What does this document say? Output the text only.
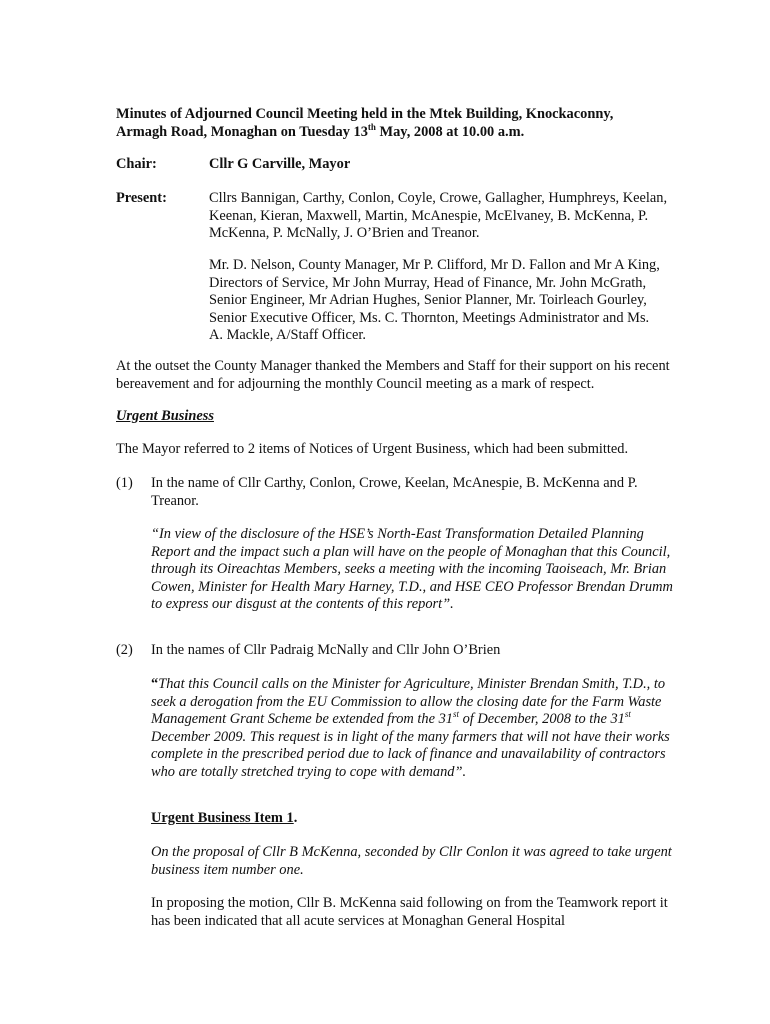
Minutes of Adjourned Council Meeting held in the Mtek Building, Knockaconny,
Armagh Road, Monaghan on Tuesday 13th May, 2008 at 10.00 a.m.

Chair:	Cllr G Carville, Mayor

Present:	Cllrs Bannigan, Carthy, Conlon, Coyle, Crowe, Gallagher, Humphreys, Keelan, Keenan, Kieran, Maxwell, Martin, McAnespie, McElvaney, B. McKenna, P. McKenna, P. McNally, J. O’Brien and Treanor.

Mr. D. Nelson, County Manager, Mr P. Clifford, Mr D. Fallon and Mr A King, Directors of Service, Mr John Murray, Head of Finance, Mr. John McGrath, Senior Engineer, Mr Adrian Hughes, Senior Planner, Mr. Toirleach Gourley, Senior Executive Officer, Ms. C. Thornton, Meetings Administrator and Ms. A. Mackle, A/Staff Officer.

At the outset the County Manager thanked the Members and Staff for their support on his recent bereavement and for adjourning the monthly Council meeting as a mark of respect.

Urgent Business

The Mayor referred to 2 items of Notices of Urgent Business, which had been submitted.

(1) In the name of Cllr Carthy, Conlon, Crowe, Keelan, McAnespie, B. McKenna and P. Treanor.

“In view of the disclosure of the HSE’s North-East Transformation Detailed Planning Report and the impact such a plan will have on the people of Monaghan that this Council, through its Oireachtas Members, seeks a meeting with the incoming Taoiseach, Mr. Brian Cowen, Minister for Health Mary Harney, T.D., and HSE CEO Professor Brendan Drumm to express our disgust at the contents of this report”.

(2) In the names of Cllr Padraig McNally and Cllr John O’Brien

“That this Council calls on the Minister for Agriculture, Minister Brendan Smith, T.D., to seek a derogation from the EU Commission to allow the closing date for the Farm Waste Management Grant Scheme be extended from the 31st of December, 2008 to the 31st December 2009. This request is in light of the many farmers that will not have their works complete in the prescribed period due to lack of finance and unavailability of contractors who are totally stretched trying to cope with demand”.

Urgent Business Item 1.

On the proposal of Cllr B McKenna, seconded by Cllr Conlon it was agreed to take urgent business item number one.

In proposing the motion, Cllr B. McKenna said following on from the Teamwork report it has been indicated that all acute services at Monaghan General Hospital
